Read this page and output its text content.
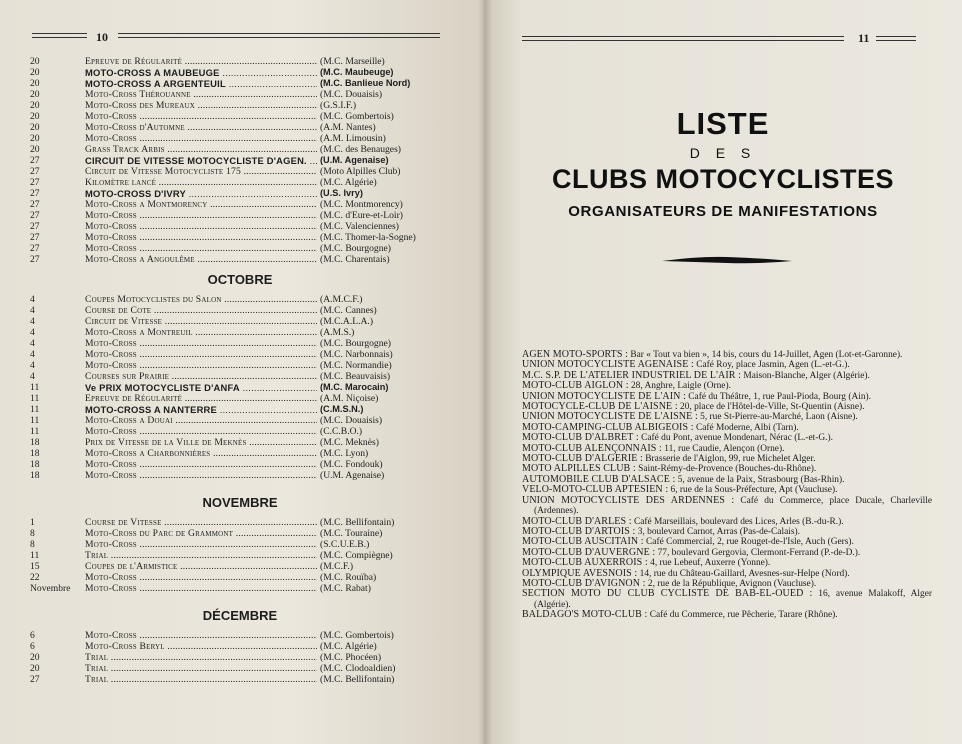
10	11
20	Epreuve de Régularité .....	(M.C. Marseille)
20	MOTO-CROSS A MAUBEUGE .....	(M.C. Maubeuge)
20	MOTO-CROSS A ARGENTEUIL .....	(M.C. Banlieue Nord)
20	Moto-Cross Thérouanne .....	(M.C. Douaisis)
20	Moto-Cross des Mureaux .....	(G.S.I.F.)
20	Moto-Cross .....	(M.C. Gombertois)
20	Moto-Cross d'Automne .....	(A.M. Nantes)
20	Moto-Cross .....	(A.M. Limousin)
20	Grass Track Arbis .....	(M.C. des Benauges)
27	CIRCUIT DE VITESSE MOTOCYCLISTE D'AGEN. .....	(U.M. Agenaise)
27	Circuit de Vitesse Motocycliste 175 .....	(Moto Alpilles Club)
27	Kilomètre lancé .....	(M.C. Algérie)
27	MOTO-CROSS D'IVRY .....	(U.S. Ivry)
27	Moto-Cross a Montmorency .....	(M.C. Montmorency)
27	Moto-Cross .....	(M.C. d'Eure-et-Loir)
27	Moto-Cross .....	(M.C. Valenciennes)
27	Moto-Cross .....	(M.C. Thomer-la-Sogne)
27	Moto-Cross .....	(M.C. Bourgogne)
27	Moto-Cross a Angoulême .....	(M.C. Charentais)
OCTOBRE
4	Coupes Motocyclistes du Salon .....	(A.M.C.F.)
4	Course de Cote .....	(M.C. Cannes)
4	Circuit de Vitesse .....	(M.C.A.L.A.)
4	Moto-Cross a Montreuil .....	(A.M.S.)
4	Moto-Cross .....	(M.C. Bourgogne)
4	Moto-Cross .....	(M.C. Narbonnais)
4	Moto-Cross .....	(M.C. Normandie)
4	Courses sur Prairie .....	(M.C. Beauvaisis)
11	Ve PRIX MOTOCYCLISTE D'ANFA .....	(M.C. Marocain)
11	Epreuve de Régularité .....	(A.M. Niçoise)
11	MOTO-CROSS A NANTERRE .....	(C.M.S.N.)
11	Moto-Cross a Douai .....	(M.C. Douaisis)
11	Moto-Cross .....	(C.C.B.O.)
18	Prix de Vitesse de la Ville de Meknès .....	(M.C. Meknès)
18	Moto-Cross a Charbonnières .....	(M.C. Lyon)
18	Moto-Cross .....	(M.C. Fondouk)
18	Moto-Cross .....	(U.M. Agenaise)
NOVEMBRE
1	Course de Vitesse .....	(M.C. Bellifontain)
8	Moto-Cross du Parc de Grammont .....	(M.C. Touraine)
8	Moto-Cross .....	(S.C.U.E.B.)
11	Trial .....	(M.C. Compiègne)
15	Coupes de l'Armistice .....	(M.C.F.)
22	Moto-Cross .....	(M.C. Rouïba)
Novembre	Moto-Cross .....	(M.C. Rabat)
DÉCEMBRE
6	Moto-Cross .....	(M.C. Gombertois)
6	Moto-Cross Beryl .....	(M.C. Algérie)
20	Trial .....	(M.C. Phocéen)
20	Trial .....	(M.C. Clodoaldien)
27	Trial .....	(M.C. Bellifontain)
LISTE
D E S
CLUBS MOTOCYCLISTES
ORGANISATEURS DE MANIFESTATIONS

AGEN MOTO-SPORTS : Bar « Tout va bien », 14 bis, cours du 14-Juillet, Agen (Lot-et-Garonne).

UNION MOTOCYCLISTE AGENAISE : Café Roy, place Jasmin, Agen (L.-et-G.).

M.C. S.P. DE L'ATELIER INDUSTRIEL DE L'AIR : Maison-Blanche, Alger (Algérie).

MOTO-CLUB AIGLON : 28, Anghre, Laigle (Orne).

UNION MOTOCYCLISTE DE L'AIN : Café du Théâtre, 1, rue Paul-Pioda, Bourg (Ain).

MOTOCYCLE-CLUB DE L'AISNE : 20, place de l'Hôtel-de-Ville, St-Quentin (Aisne).

UNION MOTOCYCLISTE DE L'AISNE : 5, rue St-Pierre-au-Marché, Laon (Aisne).

MOTO-CAMPING-CLUB ALBIGEOIS : Café Moderne, Albi (Tarn).

MOTO-CLUB D'ALBRET : Café du Pont, avenue Mondenart, Nérac (L.-et-G.).

MOTO-CLUB ALENÇONNAIS : 11, rue Caudie, Alençon (Orne).

MOTO-CLUB D'ALGERIE : Brasserie de l'Aiglon, 99, rue Michelet Alger.

MOTO ALPILLES CLUB : Saint-Rémy-de-Provence (Bouches-du-Rhône).

AUTOMOBILE CLUB D'ALSACE : 5, avenue de la Paix, Strasbourg (Bas-Rhin).

VELO-MOTO-CLUB APTESIEN : 6, rue de la Sous-Préfecture, Apt (Vaucluse).

UNION MOTOCYCLISTE DES ARDENNES : Café du Commerce, place Ducale, Charleville (Ardennes).

MOTO-CLUB D'ARLES : Café Marseillais, boulevard des Lices, Arles (B.-du-R.).

MOTO-CLUB D'ARTOIS : 3, boulevard Carnot, Arras (Pas-de-Calais).

MOTO-CLUB AUSCITAIN : Café Commercial, 2, rue Rouget-de-l'Isle, Auch (Gers).

MOTO-CLUB D'AUVERGNE : 77, boulevard Gergovia, Clermont-Ferrand (P.-de-D.).

MOTO-CLUB AUXERROIS : 4, rue Lebeuf, Auxerre (Yonne).

OLYMPIQUE AVESNOIS : 14, rue du Château-Gaillard, Avesnes-sur-Helpe (Nord).

MOTO-CLUB D'AVIGNON : 2, rue de la République, Avignon (Vaucluse).

SECTION MOTO DU CLUB CYCLISTE DE BAB-EL-OUED : 16, avenue Malakoff, Alger (Algérie).

BALDAGO'S MOTO-CLUB : Café du Commerce, rue Pêcherie, Tarare (Rhône).
